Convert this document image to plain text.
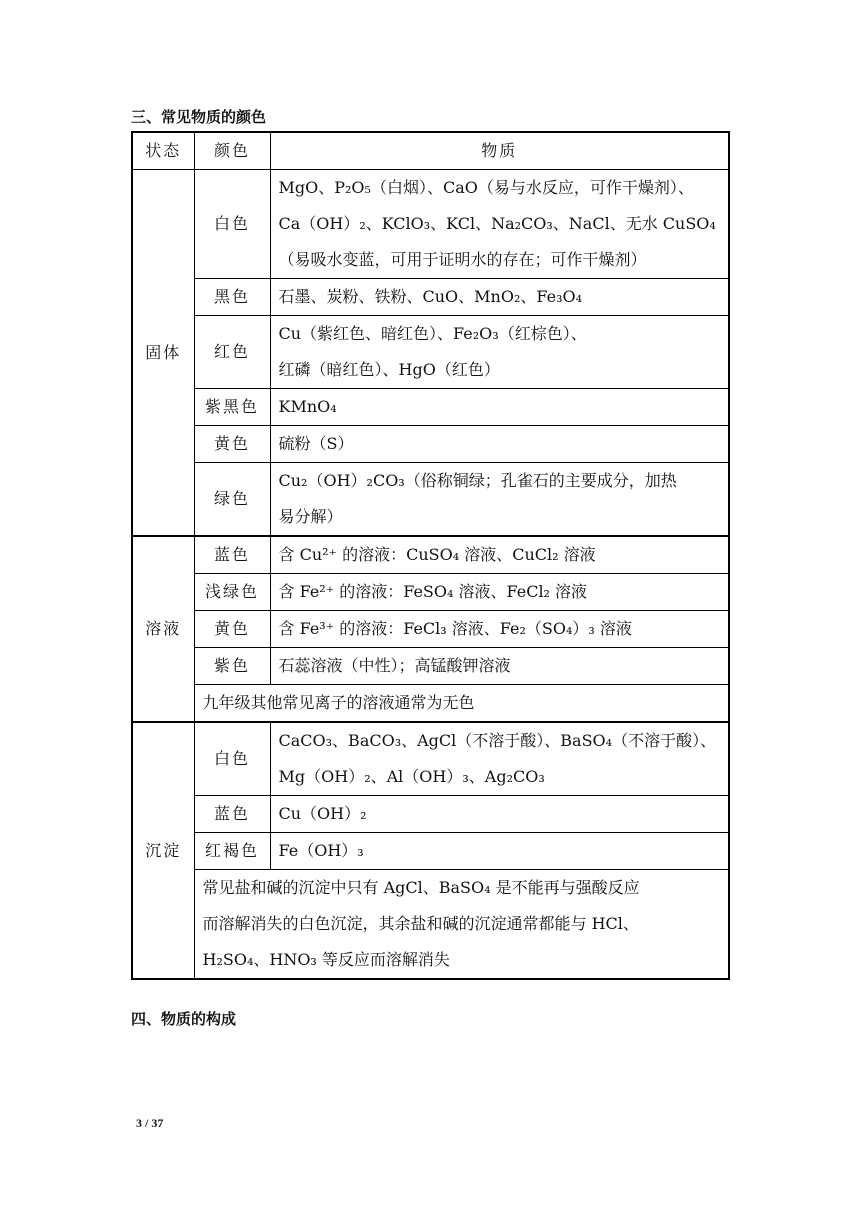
三、常见物质的颜色
状态	颜色	物质
固体	白色	MgO、P₂O₅（白烟）、CaO（易与水反应，可作干燥剂）、
Ca（OH）₂、KClO₃、KCl、Na₂CO₃、NaCl、无水 CuSO₄
（易吸水变蓝，可用于证明水的存在；可作干燥剂）

	黑色	石墨、炭粉、铁粉、CuO、MnO₂、Fe₃O₄

	红色	Cu（紫红色、暗红色）、Fe₂O₃（红棕色）、
红磷（暗红色）、HgO（红色）

	紫黑色	KMnO₄

	黄色	硫粉（S）

	绿色	Cu₂（OH）₂CO₃（俗称铜绿；孔雀石的主要成分，加热
易分解）

溶液	蓝色	含 Cu²⁺ 的溶液：CuSO₄ 溶液、CuCl₂ 溶液

	浅绿色	含 Fe²⁺ 的溶液：FeSO₄ 溶液、FeCl₂ 溶液

	黄色	含 Fe³⁺ 的溶液：FeCl₃ 溶液、Fe₂（SO₄）₃ 溶液

	紫色	石蕊溶液（中性）；高锰酸钾溶液

	九年级其他常见离子的溶液通常为无色	

沉淀	白色	CaCO₃、BaCO₃、AgCl（不溶于酸）、BaSO₄（不溶于酸）、
Mg（OH）₂、Al（OH）₃、Ag₂CO₃

	蓝色	Cu（OH）₂

	红褐色	Fe（OH）₃

	常见盐和碱的沉淀中只有 AgCl、BaSO₄ 是不能再与强酸反应
而溶解消失的白色沉淀，其余盐和碱的沉淀通常都能与 HCl、
H₂SO₄、HNO₃ 等反应而溶解消失	
四、物质的构成
3 / 37
